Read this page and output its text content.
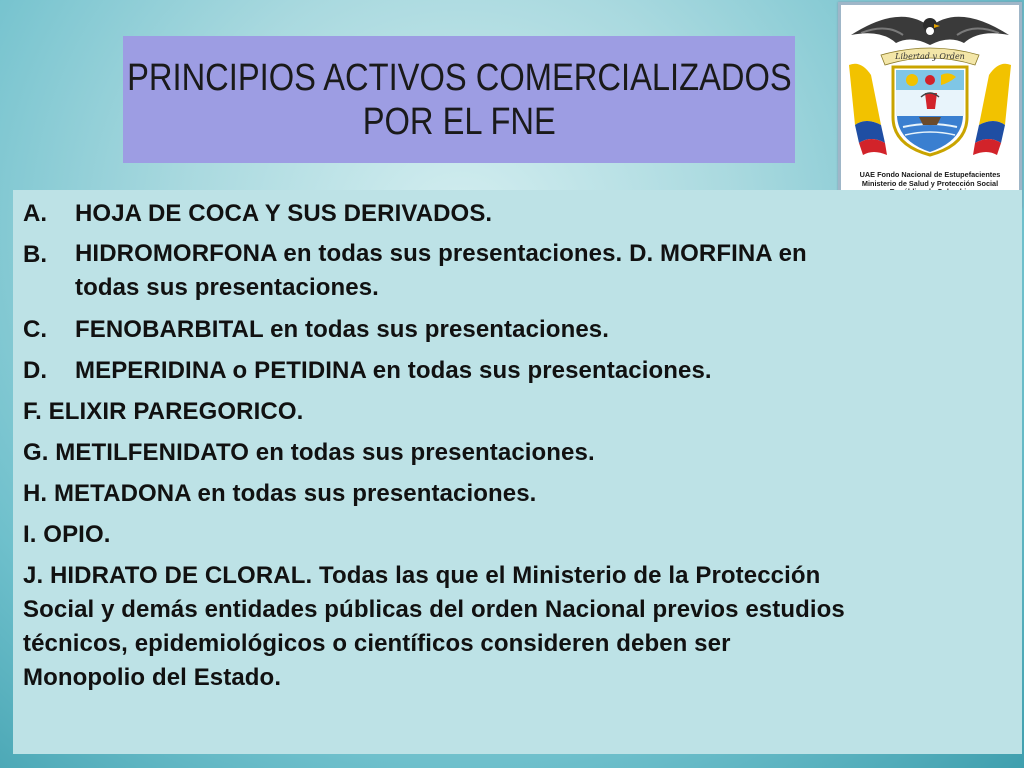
PRINCIPIOS ACTIVOS COMERCIALIZADOS
POR EL FNE
Libertad y Orden
UAE Fondo Nacional de Estupefacientes
Ministerio de Salud y Protección Social
A.	HOJA DE COCA Y SUS DERIVADOS.
B.	HIDROMORFONA en todas sus presentaciones. D. MORFINA en
todas sus presentaciones.
C.	FENOBARBITAL en todas sus presentaciones.
D.	MEPERIDINA o PETIDINA en todas sus presentaciones.
F. ELIXIR PAREGORICO.
G. METILFENIDATO en todas sus presentaciones.
H. METADONA en todas sus presentaciones.
I. OPIO.
J. HIDRATO DE CLORAL. Todas las que el Ministerio de la Protección
Social y demás entidades públicas del orden Nacional previos estudios
técnicos, epidemiológicos o científicos consideren deben ser
Monopolio del Estado.
